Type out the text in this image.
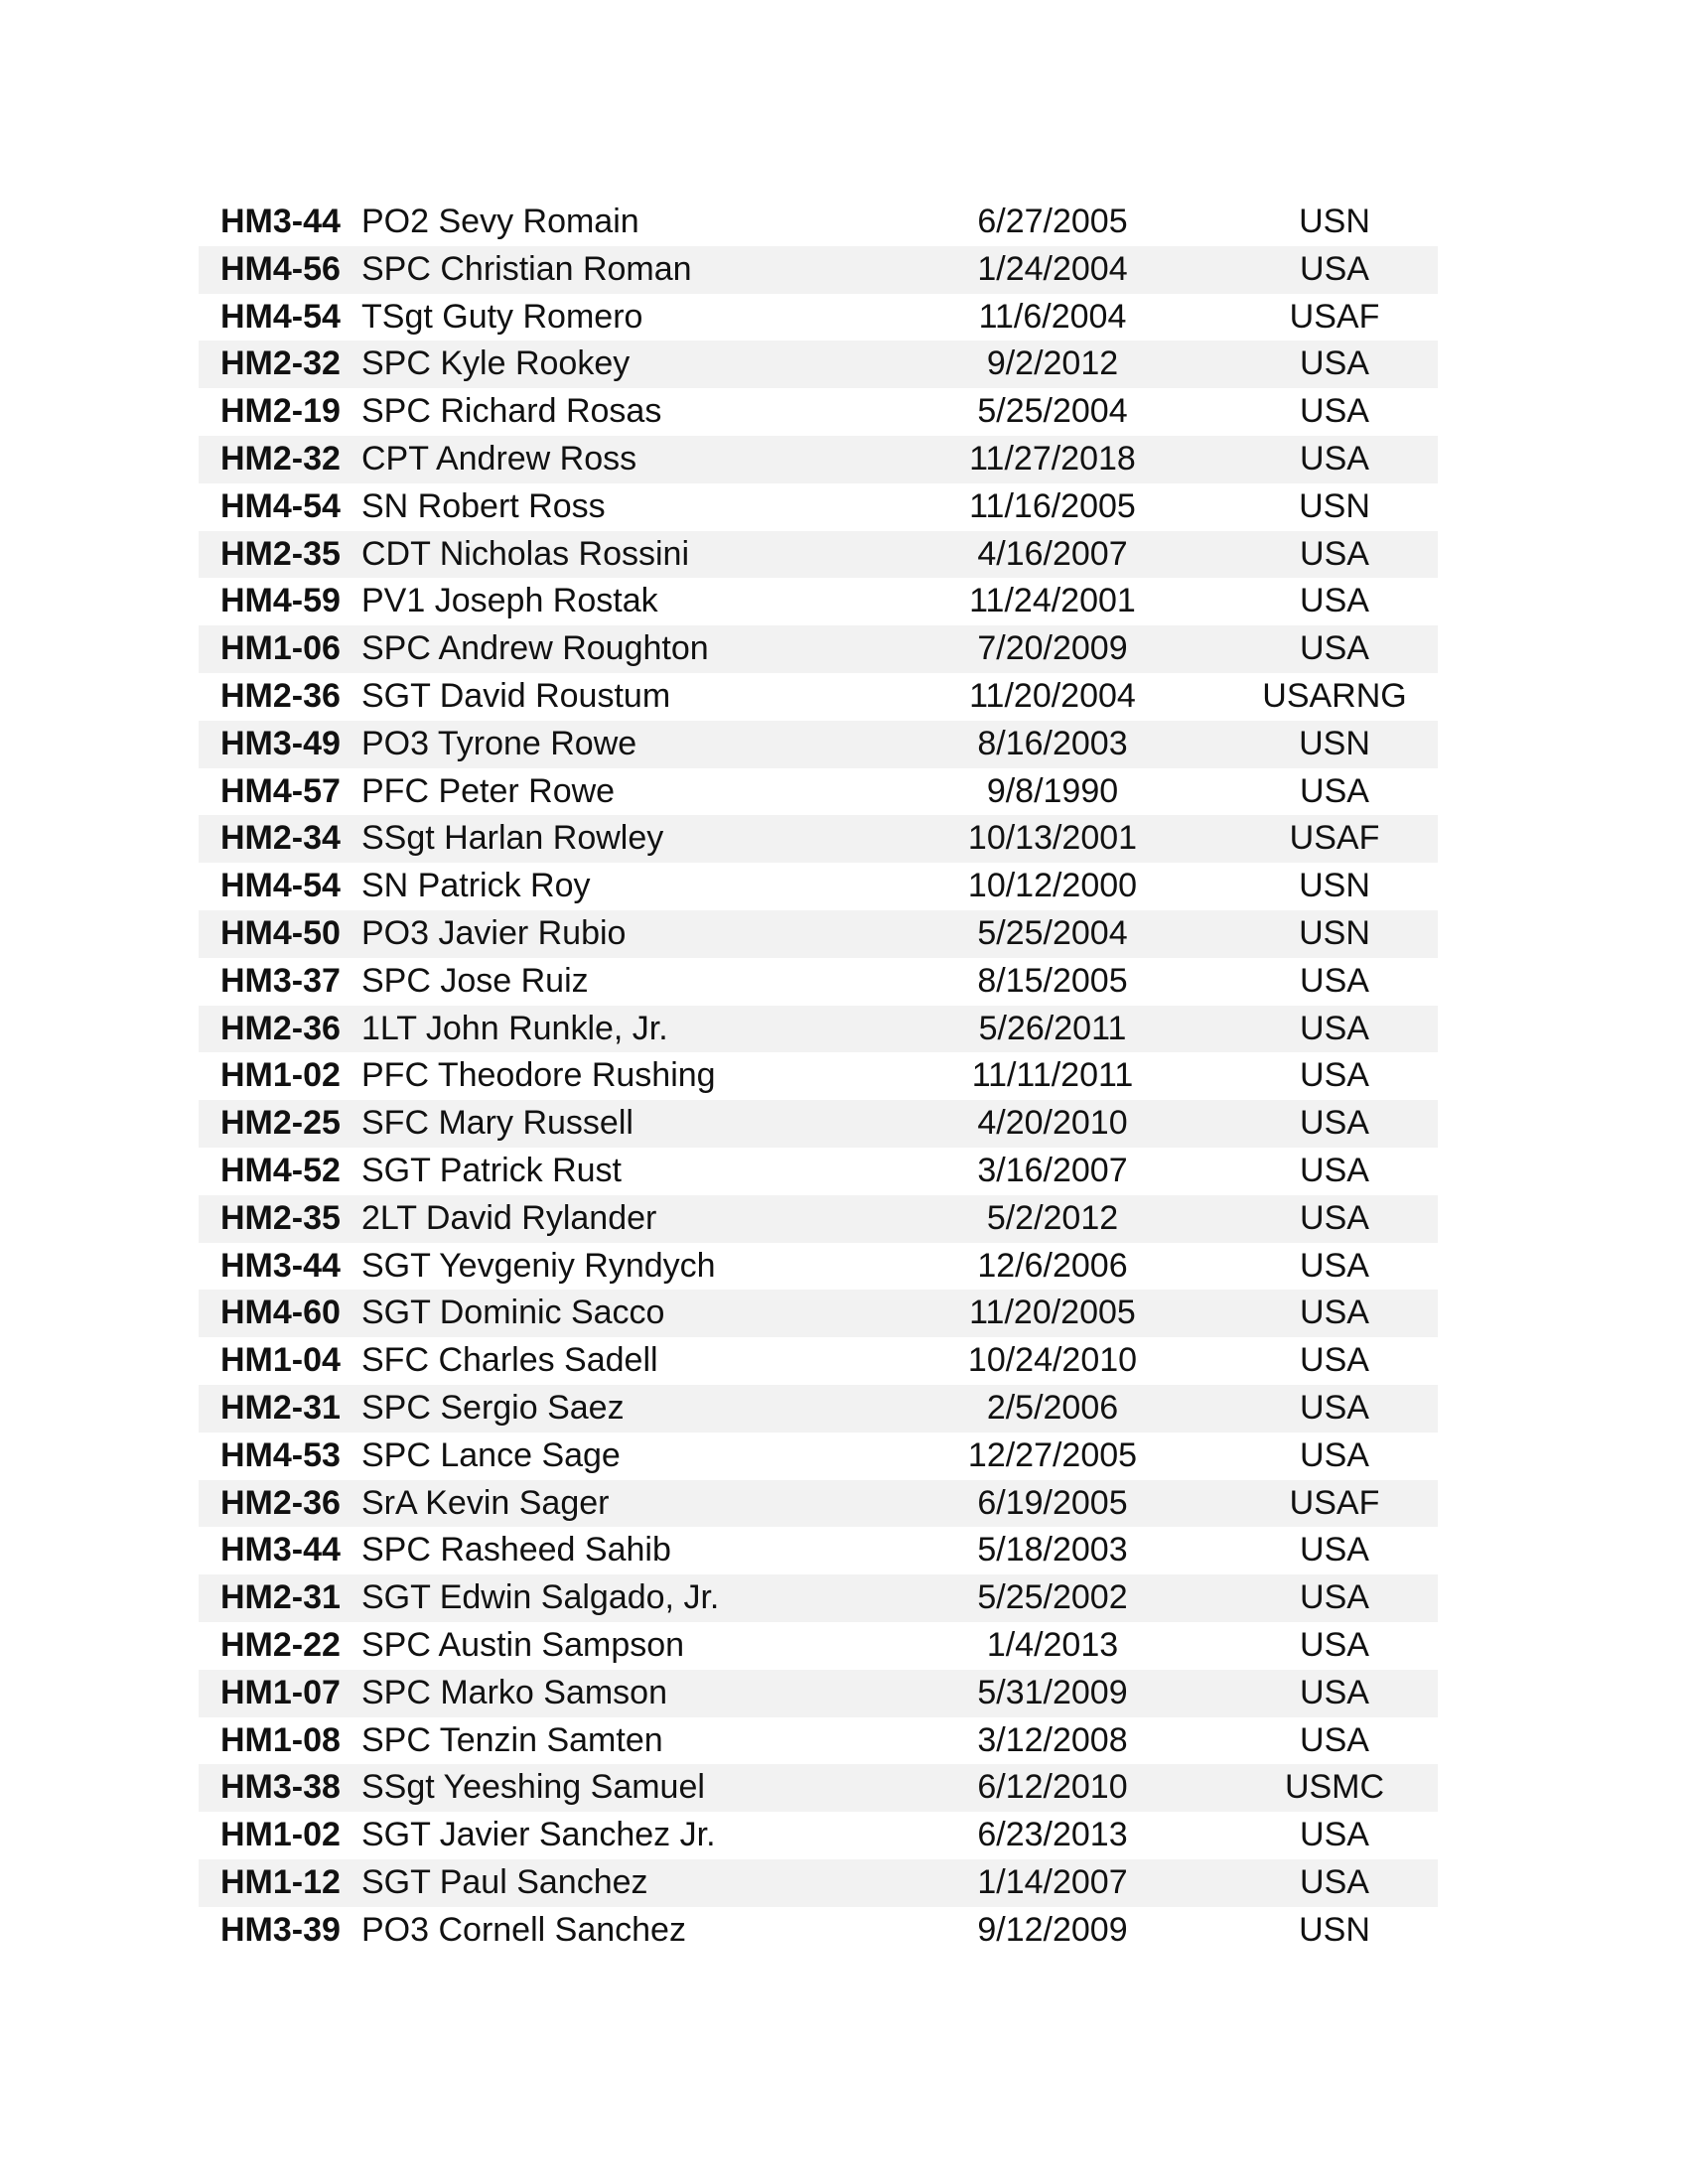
HM3-44 PO2 Sevy Romain	6/27/2005	USN
HM4-56 SPC Christian Roman	1/24/2004	USA
HM4-54 TSgt Guty Romero	11/6/2004	USAF
HM2-32 SPC Kyle Rookey	9/2/2012	USA
HM2-19 SPC Richard Rosas	5/25/2004	USA
HM2-32 CPT Andrew Ross	11/27/2018	USA
HM4-54 SN Robert Ross	11/16/2005	USN
HM2-35 CDT Nicholas Rossini	4/16/2007	USA
HM4-59 PV1 Joseph Rostak	11/24/2001	USA
HM1-06 SPC Andrew Roughton	7/20/2009	USA
HM2-36 SGT David Roustum	11/20/2004	USARNG
HM3-49 PO3 Tyrone Rowe	8/16/2003	USN
HM4-57 PFC Peter Rowe	9/8/1990	USA
HM2-34 SSgt Harlan Rowley	10/13/2001	USAF
HM4-54 SN Patrick Roy	10/12/2000	USN
HM4-50 PO3 Javier Rubio	5/25/2004	USN
HM3-37 SPC Jose Ruiz	8/15/2005	USA
HM2-36 1LT John Runkle, Jr.	5/26/2011	USA
HM1-02 PFC Theodore Rushing	11/11/2011	USA
HM2-25 SFC Mary Russell	4/20/2010	USA
HM4-52 SGT Patrick Rust	3/16/2007	USA
HM2-35 2LT David Rylander	5/2/2012	USA
HM3-44 SGT Yevgeniy Ryndych	12/6/2006	USA
HM4-60 SGT Dominic Sacco	11/20/2005	USA
HM1-04 SFC Charles Sadell	10/24/2010	USA
HM2-31 SPC Sergio Saez	2/5/2006	USA
HM4-53 SPC Lance Sage	12/27/2005	USA
HM2-36 SrA Kevin Sager	6/19/2005	USAF
HM3-44 SPC Rasheed Sahib	5/18/2003	USA
HM2-31 SGT Edwin Salgado, Jr.	5/25/2002	USA
HM2-22 SPC Austin Sampson	1/4/2013	USA
HM1-07 SPC Marko Samson	5/31/2009	USA
HM1-08 SPC Tenzin Samten	3/12/2008	USA
HM3-38 SSgt Yeeshing Samuel	6/12/2010	USMC
HM1-02 SGT Javier Sanchez Jr.	6/23/2013	USA
HM1-12 SGT Paul Sanchez	1/14/2007	USA
HM3-39 PO3 Cornell Sanchez	9/12/2009	USN
